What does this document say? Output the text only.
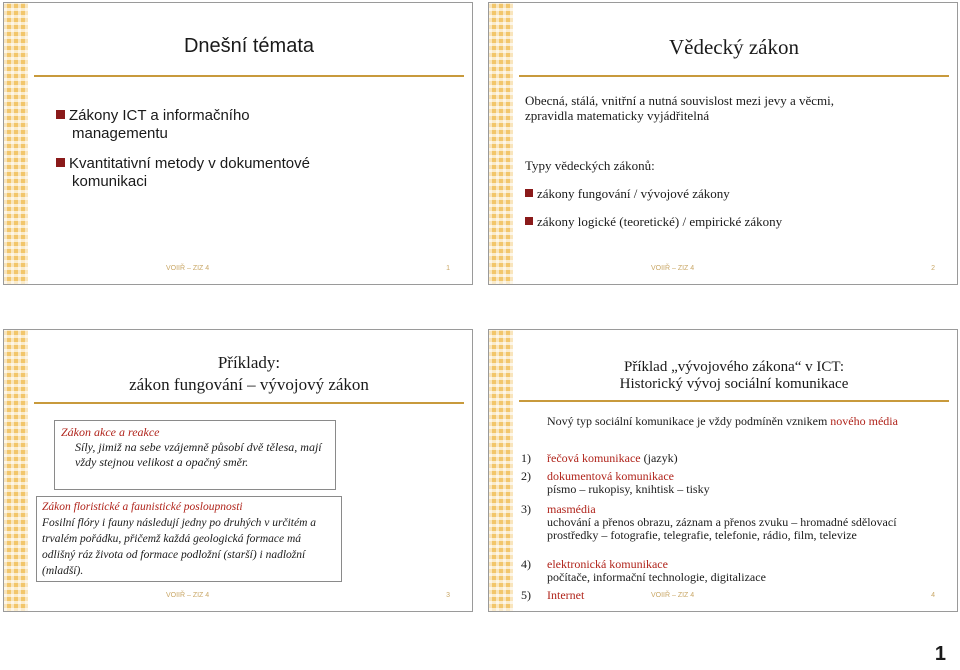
Dnešní témata
Zákony ICT a informačního managementu
Kvantitativní metody v dokumentové komunikaci
VOIIŘ – ZIZ 4	1
Vědecký zákon
Obecná, stálá, vnitřní a nutná souvislost mezi jevy a věcmi, zpravidla matematicky vyjádřitelná
Typy vědeckých zákonů:
zákony fungování / vývojové zákony
zákony logické (teoretické) / empirické zákony
VOIIŘ – ZIZ 4	2
Příklady:
zákon fungování – vývojový zákon
Zákon akce a reakce
Síly, jimiž na sebe vzájemně působí dvě tělesa, mají vždy stejnou velikost a opačný směr.
Zákon floristické a faunistické posloupnosti
Fosilní flóry i fauny následují jedny po druhých v určitém a trvalém pořádku, přičemž každá geologická formace má odlišný ráz života od formace podložní (starší) i nadložní (mladší).
VOIIŘ – ZIZ 4	3
Příklad „vývojového zákona“ v ICT:
Historický vývoj sociální komunikace
Nový typ sociální komunikace je vždy podmíněn vznikem nového média
1) řečová komunikace (jazyk)
2) dokumentová komunikace
písmo – rukopisy, knihtisk – tisky
3) masmédia
uchování a přenos obrazu, záznam a přenos zvuku – hromadné sdělovací prostředky – fotografie, telegrafie, telefonie, rádio, film, televize
4) elektronická komunikace
počítače, informační technologie, digitalizace
5) Internet	VOIIŘ – ZIZ 4	4
1
